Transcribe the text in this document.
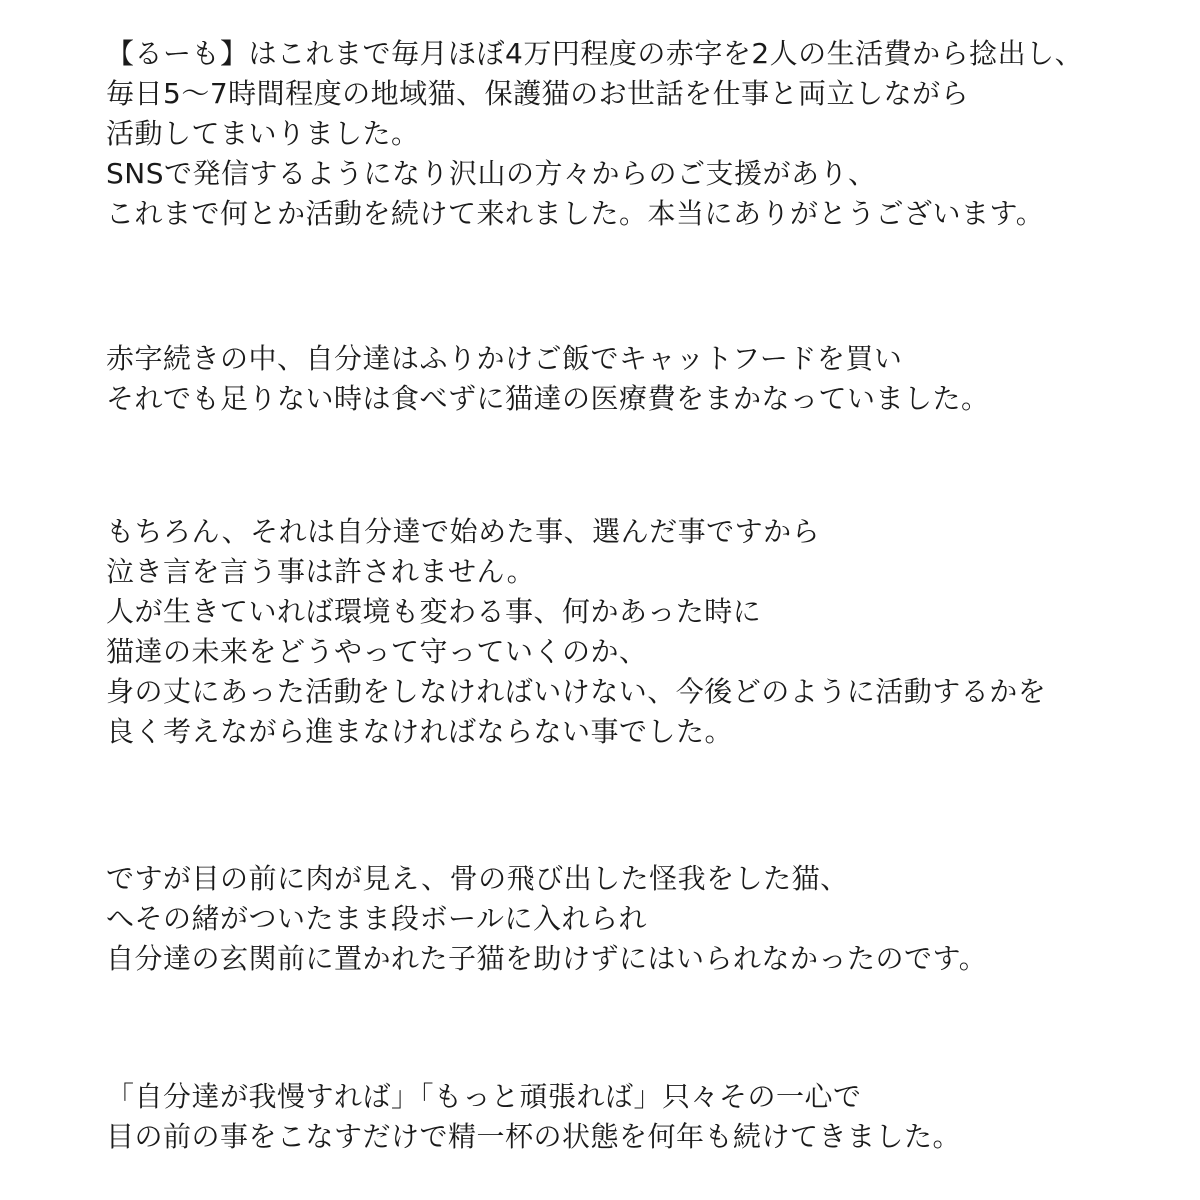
【るーも】はこれまで毎月ほぼ4万円程度の赤字を2人の生活費から捻出し、
毎日5〜7時間程度の地域猫、保護猫のお世話を仕事と両立しながら
活動してまいりました。
SNSで発信するようになり沢山の方々からのご支援があり、
これまで何とか活動を続けて来れました。本当にありがとうございます。
赤字続きの中、自分達はふりかけご飯でキャットフードを買い
それでも足りない時は食べずに猫達の医療費をまかなっていました。
もちろん、それは自分達で始めた事、選んだ事ですから
泣き言を言う事は許されません。
人が生きていれば環境も変わる事、何かあった時に
猫達の未来をどうやって守っていくのか、
身の丈にあった活動をしなければいけない、今後どのように活動するかを
良く考えながら進まなければならない事でした。
ですが目の前に肉が見え、骨の飛び出した怪我をした猫、
へその緒がついたまま段ボールに入れられ
自分達の玄関前に置かれた子猫を助けずにはいられなかったのです。
「自分達が我慢すれば」「もっと頑張れば」只々その一心で
目の前の事をこなすだけで精一杯の状態を何年も続けてきました。
